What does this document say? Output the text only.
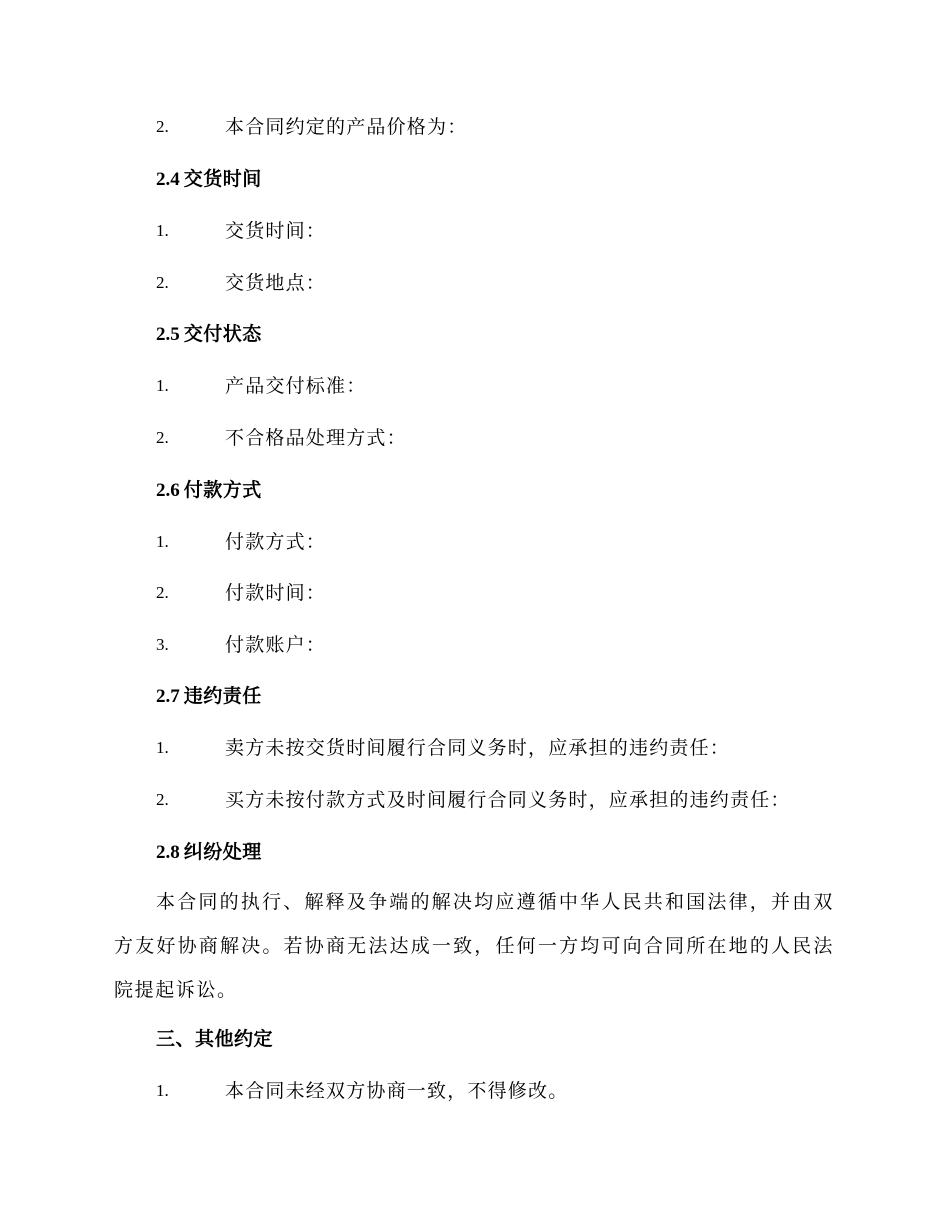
2.	本合同约定的产品价格为：
2.4 交货时间
1.	交货时间：
2.	交货地点：
2.5 交付状态
1.	产品交付标准：
2.	不合格品处理方式：
2.6 付款方式
1.	付款方式：
2.	付款时间：
3.	付款账户：
2.7 违约责任
1.	卖方未按交货时间履行合同义务时，应承担的违约责任：
2.	买方未按付款方式及时间履行合同义务时，应承担的违约责任：
2.8 纠纷处理
本合同的执行、解释及争端的解决均应遵循中华人民共和国法律，并由双方友好协商解决。若协商无法达成一致，任何一方均可向合同所在地的人民法院提起诉讼。
三、其他约定
1.	本合同未经双方协商一致，不得修改。
